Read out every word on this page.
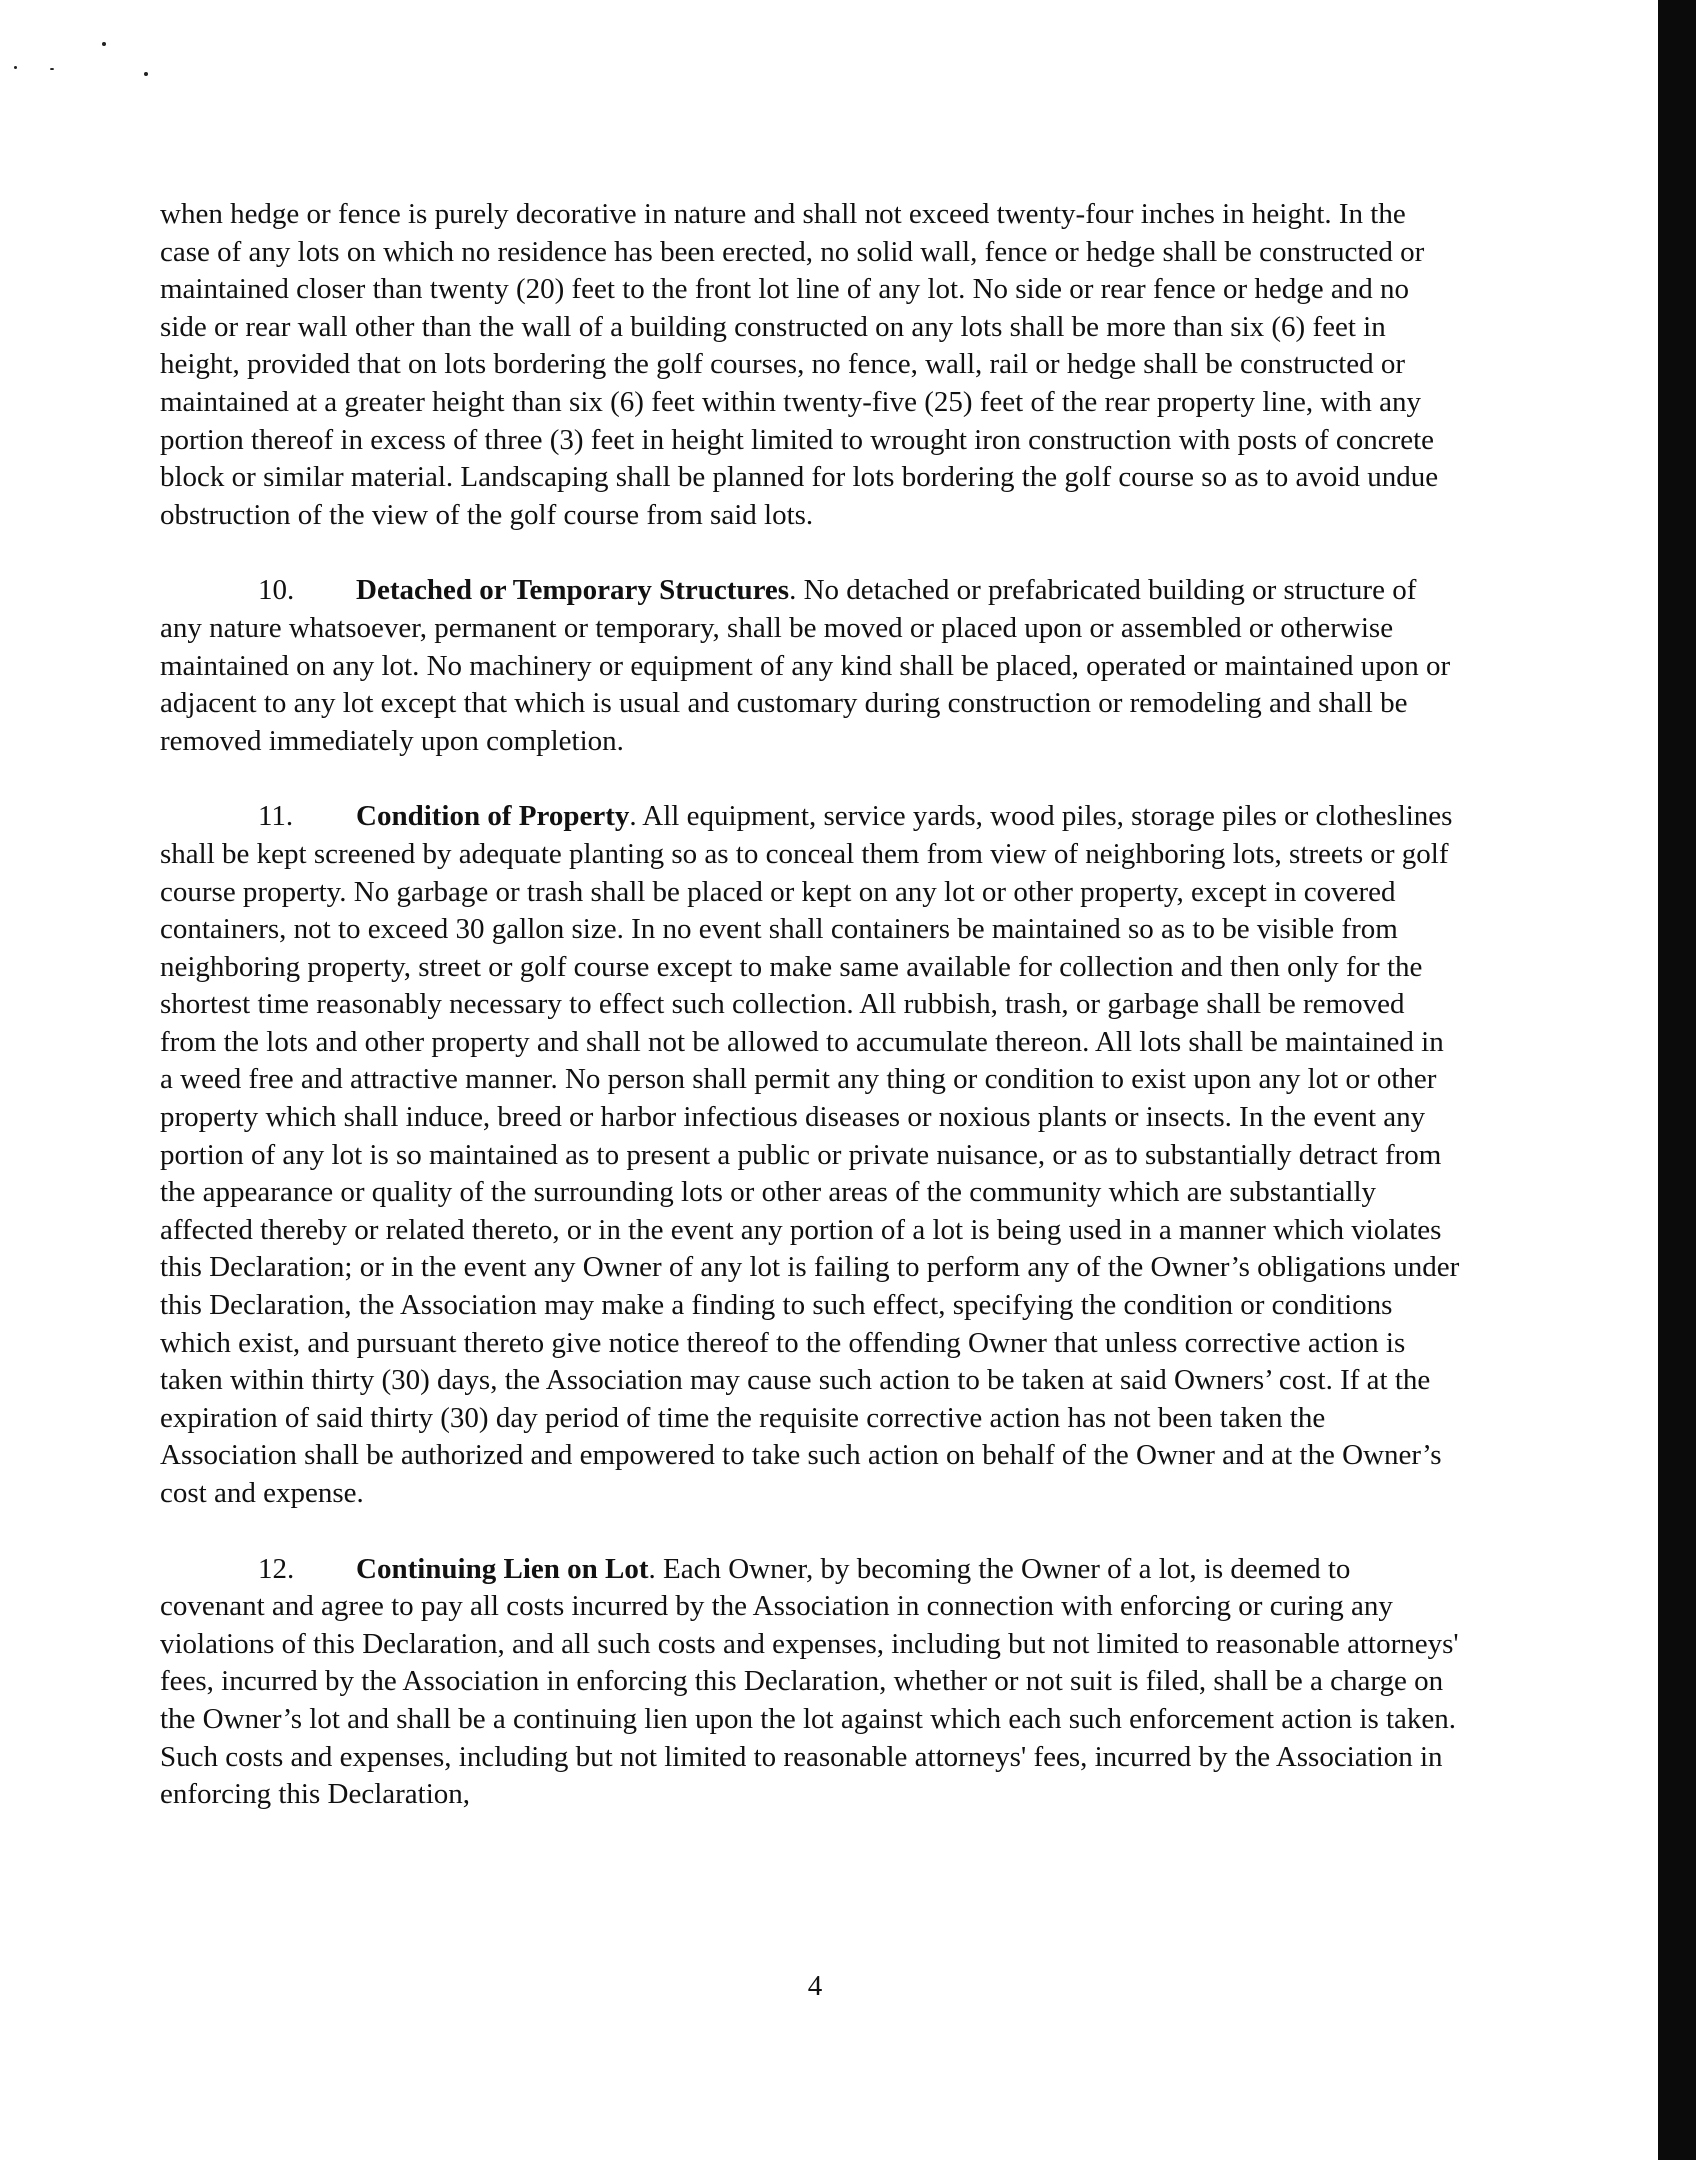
when hedge or fence is purely decorative in nature and shall not exceed twenty-four inches in height. In the case of any lots on which no residence has been erected, no solid wall, fence or hedge shall be constructed or maintained closer than twenty (20) feet to the front lot line of any lot. No side or rear fence or hedge and no side or rear wall other than the wall of a building constructed on any lots shall be more than six (6) feet in height, provided that on lots bordering the golf courses, no fence, wall, rail or hedge shall be constructed or maintained at a greater height than six (6) feet within twenty-five (25) feet of the rear property line, with any portion thereof in excess of three (3) feet in height limited to wrought iron construction with posts of concrete block or similar material. Landscaping shall be planned for lots bordering the golf course so as to avoid undue obstruction of the view of the golf course from said lots.

10. Detached or Temporary Structures. No detached or prefabricated building or structure of any nature whatsoever, permanent or temporary, shall be moved or placed upon or assembled or otherwise maintained on any lot. No machinery or equipment of any kind shall be placed, operated or maintained upon or adjacent to any lot except that which is usual and customary during construction or remodeling and shall be removed immediately upon completion.

11. Condition of Property. All equipment, service yards, wood piles, storage piles or clotheslines shall be kept screened by adequate planting so as to conceal them from view of neighboring lots, streets or golf course property. No garbage or trash shall be placed or kept on any lot or other property, except in covered containers, not to exceed 30 gallon size. In no event shall containers be maintained so as to be visible from neighboring property, street or golf course except to make same available for collection and then only for the shortest time reasonably necessary to effect such collection. All rubbish, trash, or garbage shall be removed from the lots and other property and shall not be allowed to accumulate thereon. All lots shall be maintained in a weed free and attractive manner. No person shall permit any thing or condition to exist upon any lot or other property which shall induce, breed or harbor infectious diseases or noxious plants or insects. In the event any portion of any lot is so maintained as to present a public or private nuisance, or as to substantially detract from the appearance or quality of the surrounding lots or other areas of the community which are substantially affected thereby or related thereto, or in the event any portion of a lot is being used in a manner which violates this Declaration; or in the event any Owner of any lot is failing to perform any of the Owner’s obligations under this Declaration, the Association may make a finding to such effect, specifying the condition or conditions which exist, and pursuant thereto give notice thereof to the offending Owner that unless corrective action is taken within thirty (30) days, the Association may cause such action to be taken at said Owners’ cost. If at the expiration of said thirty (30) day period of time the requisite corrective action has not been taken the Association shall be authorized and empowered to take such action on behalf of the Owner and at the Owner’s cost and expense.

12. Continuing Lien on Lot. Each Owner, by becoming the Owner of a lot, is deemed to covenant and agree to pay all costs incurred by the Association in connection with enforcing or curing any violations of this Declaration, and all such costs and expenses, including but not limited to reasonable attorneys' fees, incurred by the Association in enforcing this Declaration, whether or not suit is filed, shall be a charge on the Owner’s lot and shall be a continuing lien upon the lot against which each such enforcement action is taken. Such costs and expenses, including but not limited to reasonable attorneys' fees, incurred by the Association in enforcing this Declaration,

4
